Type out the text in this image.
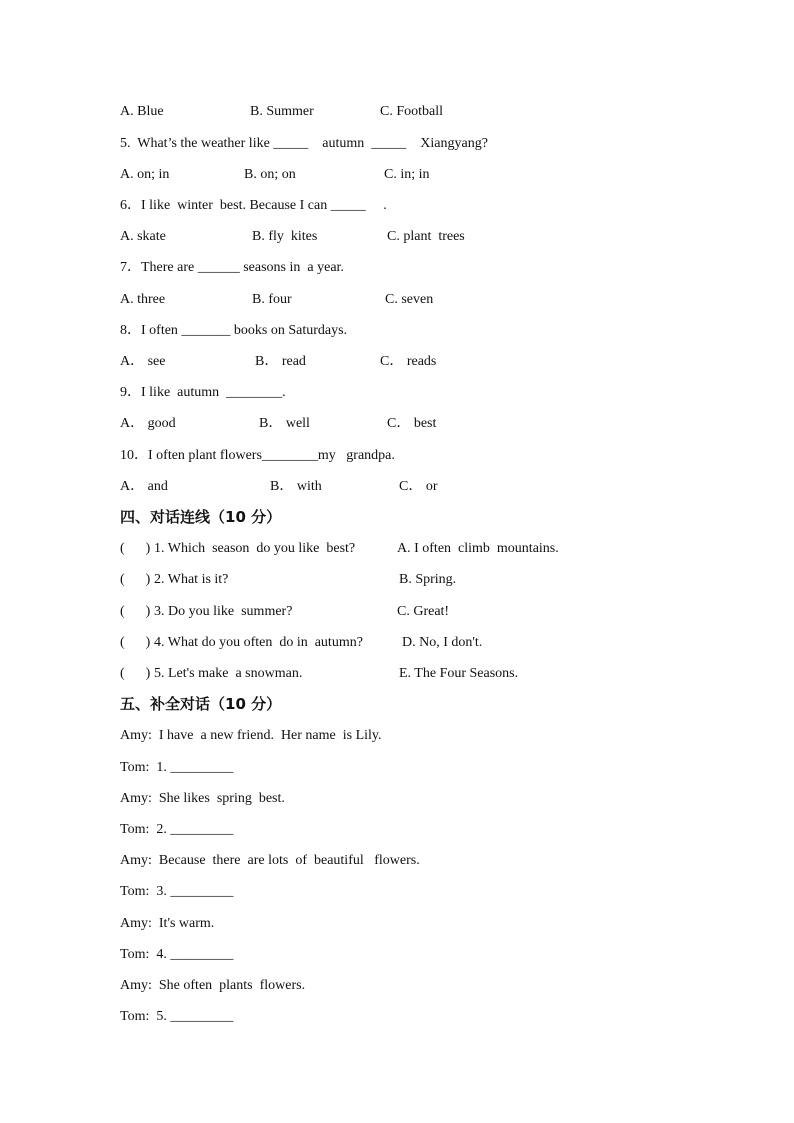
A. Blue

	B. Summer

	C. Football

5.  What’s the weather like _____    autumn  _____    Xiangyang?

A. on; in

	B. on; on

	C. in; in

6．I like  winter  best. Because I can _____     .

A. skate

	B. fly  kites

	C. plant  trees

7．There are ______ seasons in  a year.

A. three

	B. four

	C. seven

8．I often _______ books on Saturdays.

A． see

	B． read

	C． reads

9．I like  autumn  ________.

A． good

	B． well

	C． best

10．I often plant flowers________my   grandpa.

A． and

	B． with

	C． or

四、对话连线（10 分）

(      )

1. Which  season  do you like  best?

	A. I often  climb  mountains.

(      )

2. What is it?

	B. Spring.

(      )

3. Do you like  summer?

	C. Great!

(      )

4. What do you often  do in  autumn?

	D. No, I don't.

(      )

5. Let's make  a snowman.

	E. The Four Seasons.

五、补全对话（10 分）
Amy:  I have  a new friend.  Her name  is Lily.
Tom:  1. _________
Amy:  She likes  spring  best.
Tom:  2. _________
Amy:  Because  there  are lots  of  beautiful   flowers.
Tom:  3. _________
Amy:  It's warm.
Tom:  4. _________
Amy:  She often  plants  flowers.
Tom:  5. _________
